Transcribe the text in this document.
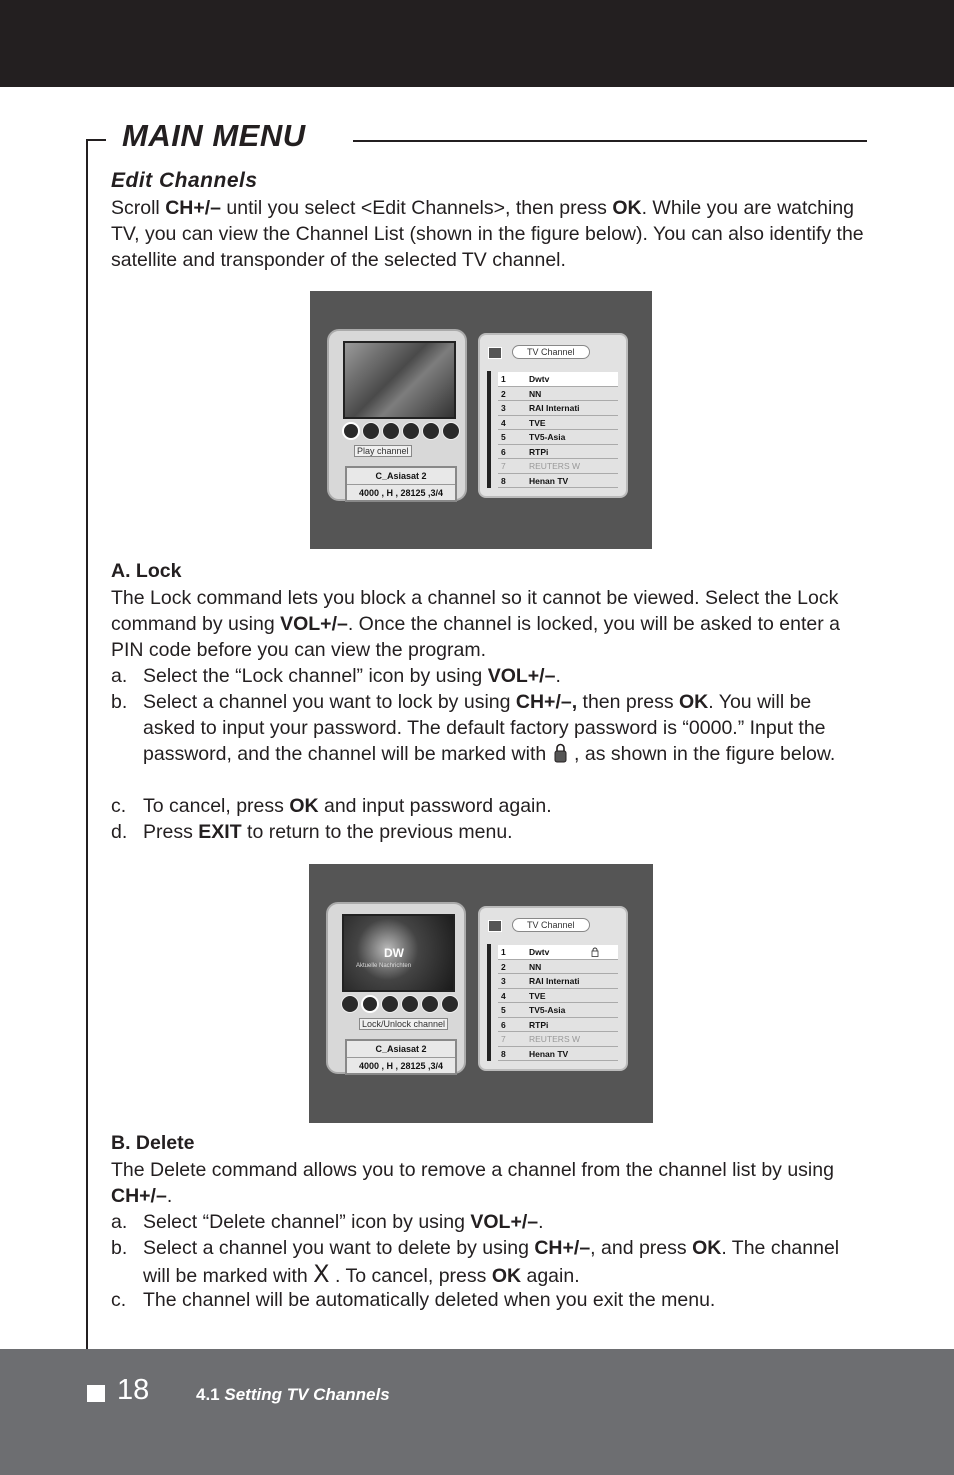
MAIN MENU
Edit Channels
Scroll CH+/– until you select <Edit Channels>, then press OK. While you are watching TV, you can view the Channel List (shown in the figure below). You can also identify the satellite and transponder of the selected TV channel.
Play channel
C_Asiasat 2
4000 , H , 28125 ,3/4
TV Channel
1	Dwtv
2	NN
3	RAI Internati
4	TVE
5	TV5-Asia
6	RTPi
7	REUTERS W
8	Henan TV
A. Lock
The Lock command lets you block a channel so it cannot be viewed. Select the Lock command by using VOL+/–. Once the channel is locked, you will be asked to enter a PIN code before you can view the program.
a. Select the “Lock channel” icon by using VOL+/–.
b. Select a channel you want to lock by using CH+/–, then press OK. You will be asked to input your password. The default factory password is “0000.” Input the password, and the channel will be marked with  , as shown in the figure below.
c. To cancel, press OK and input password again.
d. Press EXIT to return to the previous menu.
DW
Aktuelle Nachrichten
Lock/Unlock channel
C_Asiasat 2
4000 , H , 28125 ,3/4
TV Channel
1	Dwtv
2	NN
3	RAI Internati
4	TVE
5	TV5-Asia
6	RTPi
7	REUTERS W
8	Henan TV
B. Delete
The Delete command allows you to remove a channel from the channel list by using CH+/–.
a. Select “Delete channel” icon by using VOL+/–.
b. Select a channel you want to delete by using CH+/–, and press OK. The channel will be marked with X . To cancel, press OK again.
c. The channel will be automatically deleted when you exit the menu.
18	4.1 Setting TV Channels
